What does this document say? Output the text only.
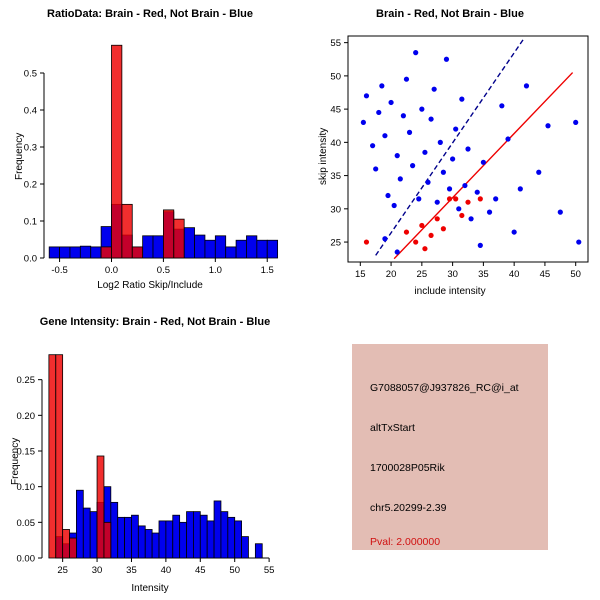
RatioData: Brain - Red, Not Brain - Blue
-0.5	0.0	0.5	1.0	1.5
0.0
0.1
0.2
0.3
0.4
0.5
Log2 Ratio Skip/Include
Frequency
Brain - Red, Not Brain - Blue
15 20 25 30 35 40 45 50
25
30
35
40
45
50
55
include intensity
skip intensity
Gene Intensity: Brain - Red, Not Brain - Blue
25	30	35	40	45	50	55
0.00
0.05
0.10
0.15
0.20
0.25
Intensity
Frequency
G7088057@J937826_RC@i_at
altTxStart
1700028P05Rik
chr5.20299-2.39
Pval: 2.000000
